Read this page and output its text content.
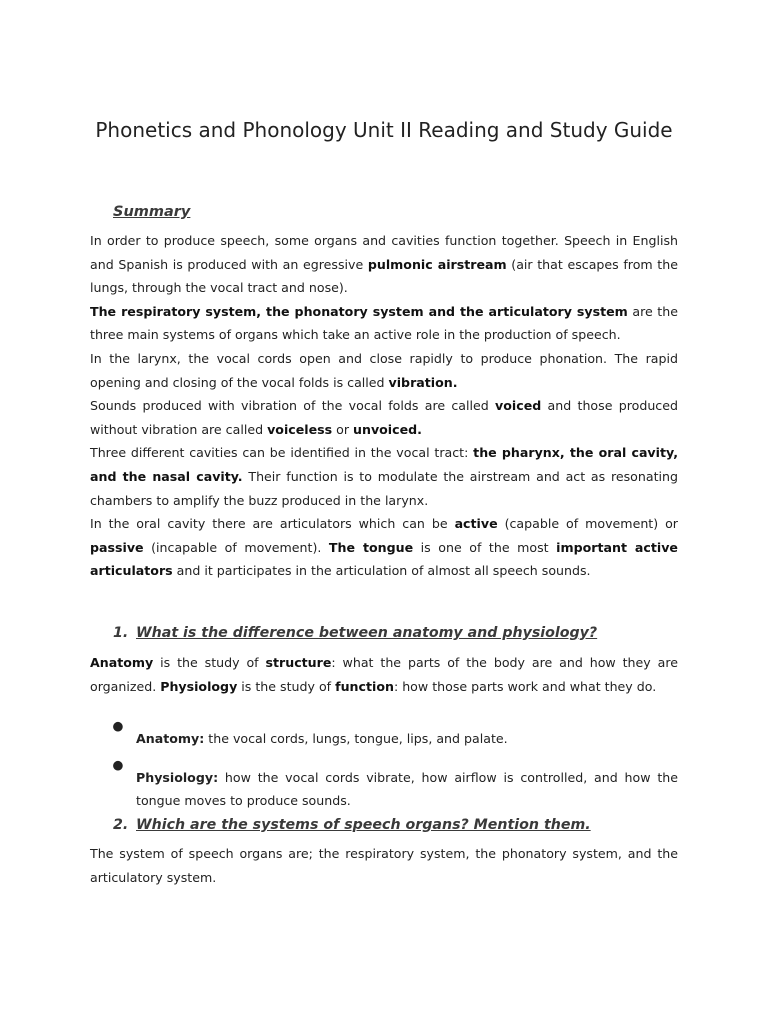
Phonetics and Phonology Unit II Reading and Study Guide
Summary

In order to produce speech, some organs and cavities function together. Speech in English and Spanish is produced with an egressive pulmonic airstream (air that escapes from the lungs, through the vocal tract and nose).

The respiratory system, the phonatory system and the articulatory system are the three main systems of organs which take an active role in the production of speech.

In the larynx, the vocal cords open and close rapidly to produce phonation. The rapid opening and closing of the vocal folds is called vibration.

Sounds produced with vibration of the vocal folds are called voiced and those produced without vibration are called voiceless or unvoiced.

Three different cavities can be identified in the vocal tract: the pharynx, the oral cavity, and the nasal cavity. Their function is to modulate the airstream and act as resonating chambers to amplify the buzz produced in the larynx.

In the oral cavity there are articulators which can be active (capable of movement) or passive (incapable of movement). The tongue is one of the most important active articulators and it participates in the articulation of almost all speech sounds.

1. What is the difference between anatomy and physiology?

Anatomy is the study of structure: what the parts of the body are and how they are organized. Physiology is the study of function: how those parts work and what they do.

●

Anatomy: the vocal cords, lungs, tongue, lips, and palate.

●

Physiology: how the vocal cords vibrate, how airflow is controlled, and how the tongue moves to produce sounds.

2. Which are the systems of speech organs? Mention them.

The system of speech organs are; the respiratory system, the phonatory system, and the articulatory system.
